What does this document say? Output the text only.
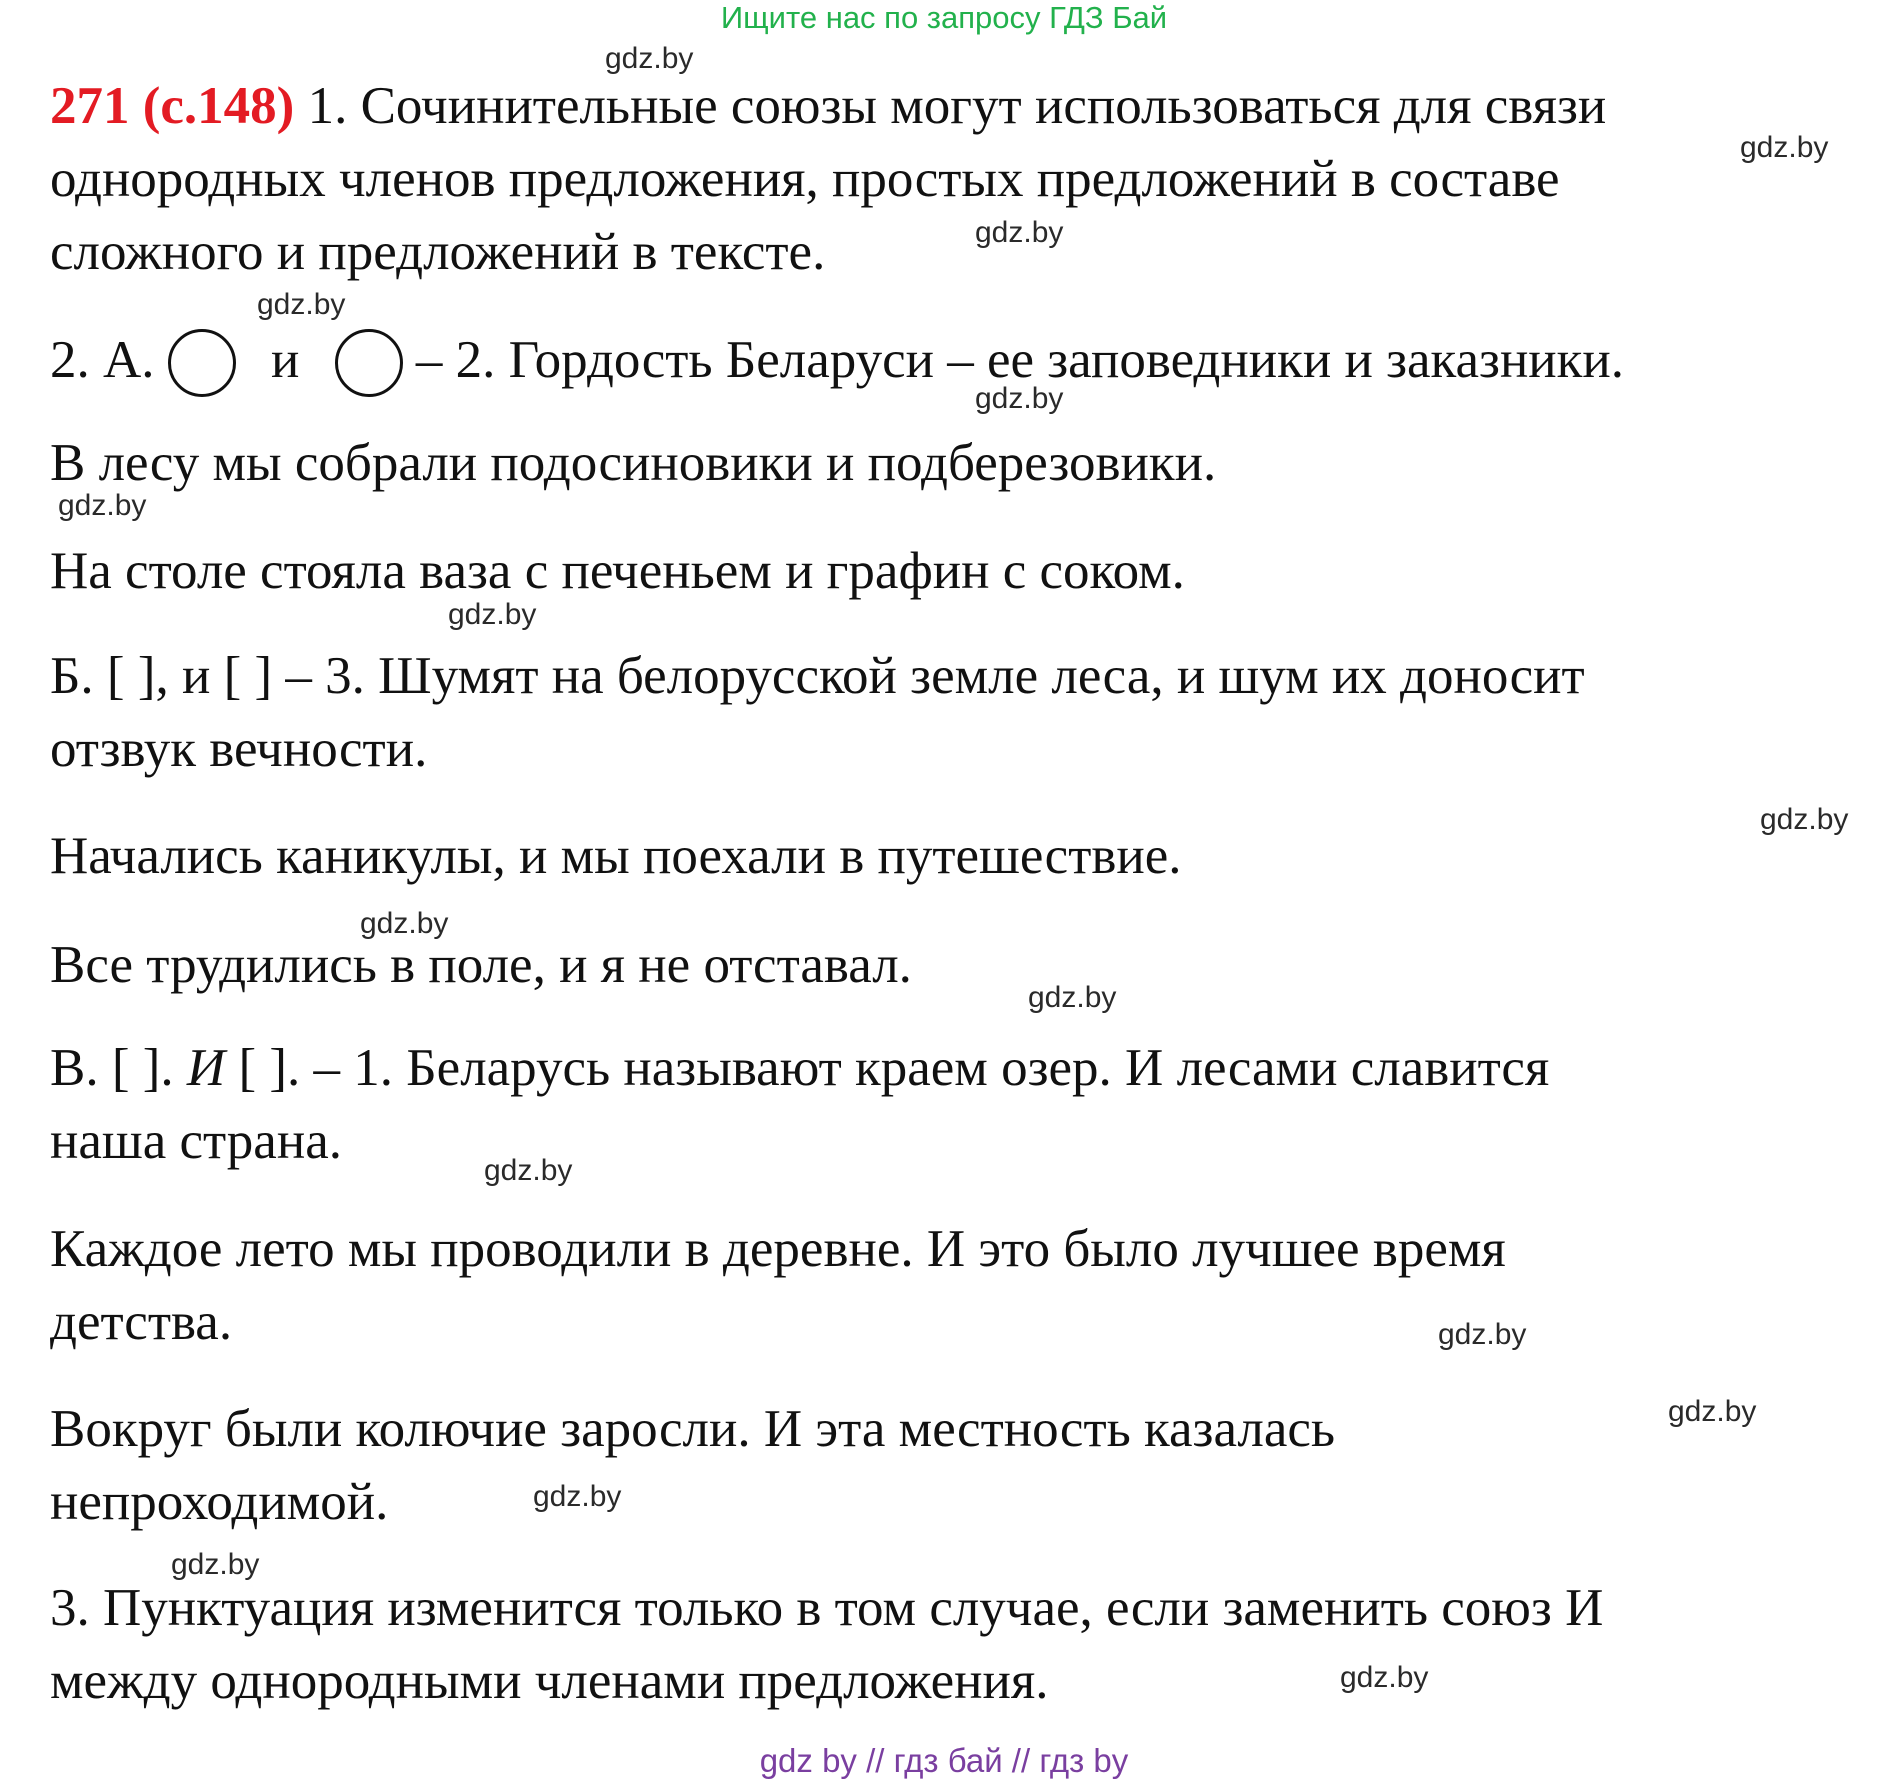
Ищите нас по запросу ГДЗ Бай
271 (с.148) 1. Сочинительные союзы могут использоваться для связи
однородных членов предложения, простых предложений в составе
сложного и предложений в тексте.
2. А. и – 2. Гордость Беларуси – ее заповедники и заказники.
В лесу мы собрали подосиновики и подберезовики.
На столе стояла ваза с печеньем и графин с соком.
Б. [ ], и [ ] – 3. Шумят на белорусской земле леса, и шум их доносит
отзвук вечности.
Начались каникулы, и мы поехали в путешествие.
Все трудились в поле, и я не отставал.
В. [ ]. И [ ]. – 1. Беларусь называют краем озер. И лесами славится
наша страна.
Каждое лето мы проводили в деревне. И это было лучшее время
детства.
Вокруг были колючие заросли. И эта местность казалась
непроходимой.
3. Пунктуация изменится только в том случае, если заменить союз И
между однородными членами предложения.
gdz.by
gdz.by
gdz.by
gdz.by
gdz.by
gdz.by
gdz.by
gdz.by
gdz.by
gdz.by
gdz.by
gdz.by
gdz.by
gdz.by
gdz.by
gdz.by
gdz by // гдз бай // гдз by
